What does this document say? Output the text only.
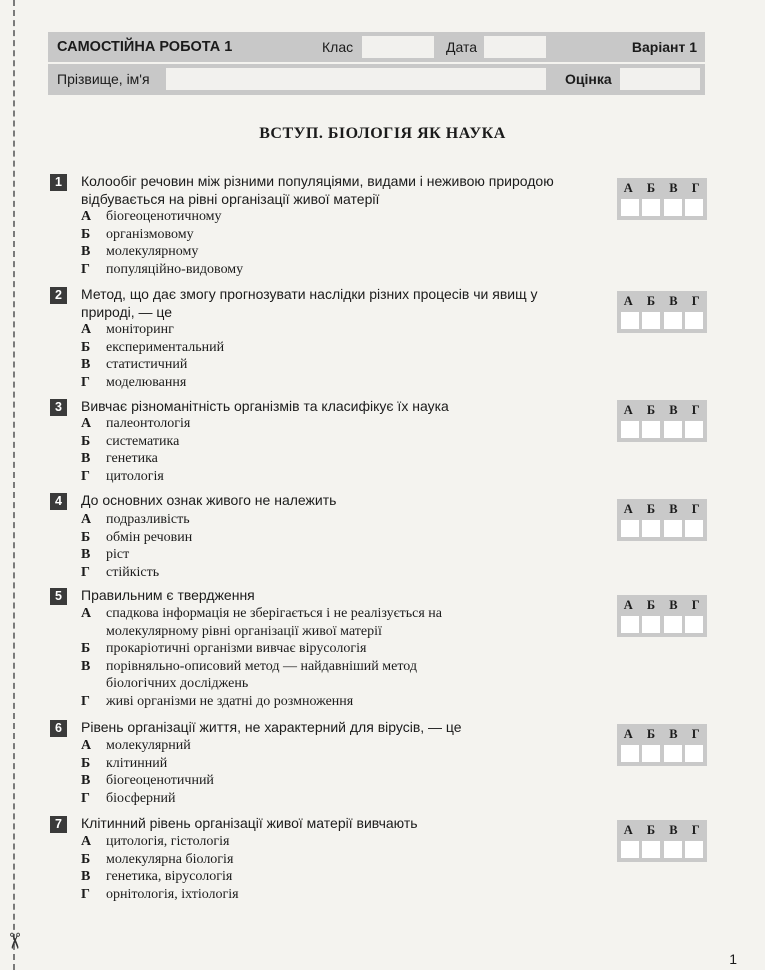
✂
САМОСТІЙНА РОБОТА 1	Клас	Дата	Варіант 1
Прізвище, ім'я	Оцінка
ВСТУП. БІОЛОГІЯ ЯК НАУКА
1	Колообіг речовин між різними популяціями, видами і неживою природою відбувається на рівні організації живої матерії
А	біогеоценотичному
Б	організмовому
В	молекулярному
Г	популяційно-видовому
А Б В Г
2	Метод, що дає змогу прогнозувати наслідки різних процесів чи явищ у природі, — це
А	моніторинг
Б	експериментальний
В	статистичний
Г	моделювання
А Б В Г
3	Вивчає різноманітність організмів та класифікує їх наука
А	палеонтологія
Б	систематика
В	генетика
Г	цитологія
А Б В Г
4	До основних ознак живого не належить
А	подразливість
Б	обмін речовин
В	ріст
Г	стійкість
А Б В Г
5	Правильним є твердження
А	спадкова інформація не зберігається і не реалізується на
молекулярному рівні організації живої матерії
Б	прокаріотичні організми вивчає вірусологія
В	порівняльно-описовий метод — найдавніший метод
біологічних досліджень
Г	живі організми не здатні до розмноження
А Б В Г
6	Рівень організації життя, не характерний для вірусів, — це
А	молекулярний
Б	клітинний
В	біогеоценотичний
Г	біосферний
А Б В Г
7	Клітинний рівень організації живої матерії вивчають
А	цитологія, гістологія
Б	молекулярна біологія
В	генетика, вірусологія
Г	орнітологія, іхтіологія
А Б В Г
1
